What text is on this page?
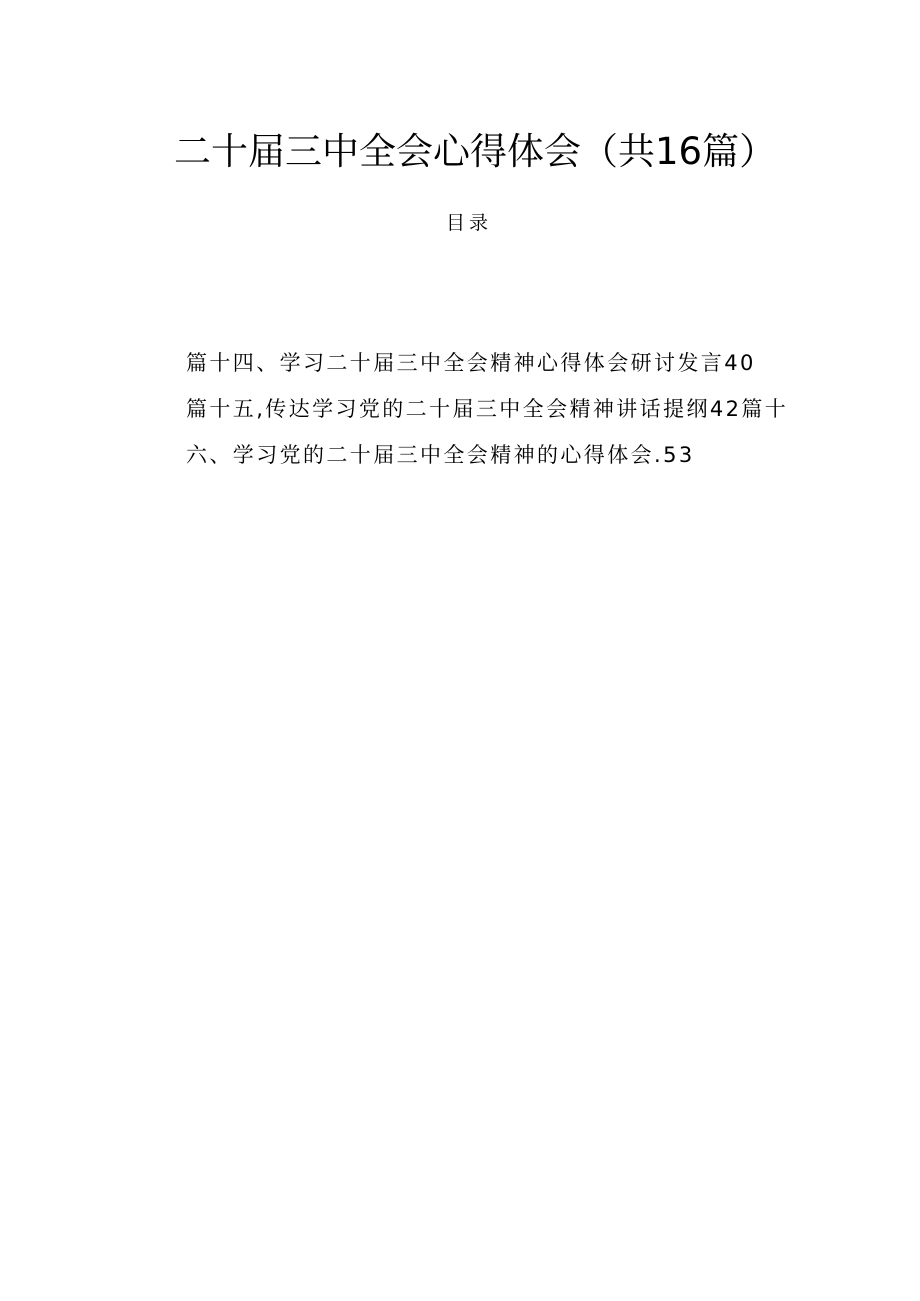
二十届三中全会心得体会（共16篇）
目录
篇十四、学习二十届三中全会精神心得体会研讨发言40
篇十五,传达学习党的二十届三中全会精神讲话提纲42篇十
六、学习党的二十届三中全会精神的心得体会.53
